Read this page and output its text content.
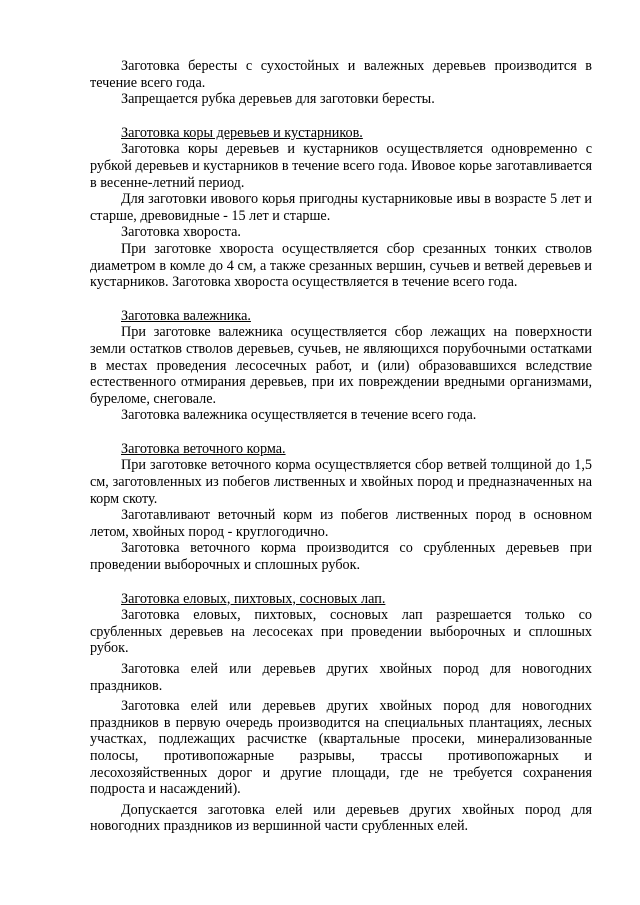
Заготовка бересты с сухостойных и валежных деревьев производится в течение всего года.

Запрещается рубка деревьев для заготовки бересты.

Заготовка коры деревьев и кустарников.

Заготовка коры деревьев и кустарников осуществляется одновременно с рубкой деревьев и кустарников в течение всего года. Ивовое корье заготавливается в весенне-летний период.

Для заготовки ивового корья пригодны кустарниковые ивы в возрасте 5 лет и старше, древовидные - 15 лет и старше.

Заготовка хвороста.

При заготовке хвороста осуществляется сбор срезанных тонких стволов диаметром в комле до 4 см, а также срезанных вершин, сучьев и ветвей деревьев и кустарников. Заготовка хвороста осуществляется в течение всего года.

Заготовка валежника.

При заготовке валежника осуществляется сбор лежащих на поверхности земли остатков стволов деревьев, сучьев, не являющихся порубочными остатками в местах проведения лесосечных работ, и (или) образовавшихся вследствие естественного отмирания деревьев, при их повреждении вредными организмами, буреломе, снеговале.

Заготовка валежника осуществляется в течение всего года.

Заготовка веточного корма.

При заготовке веточного корма осуществляется сбор ветвей толщиной до 1,5 см, заготовленных из побегов лиственных и хвойных пород и предназначенных на корм скоту.

Заготавливают веточный корм из побегов лиственных пород в основном летом, хвойных пород - круглогодично.

Заготовка веточного корма производится со срубленных деревьев при проведении выборочных и сплошных рубок.

Заготовка еловых, пихтовых, сосновых лап.

Заготовка еловых, пихтовых, сосновых лап разрешается только со срубленных деревьев на лесосеках при проведении выборочных и сплошных рубок.

Заготовка елей или деревьев других хвойных пород для новогодних праздников.

Заготовка елей или деревьев других хвойных пород для новогодних праздников в первую очередь производится на специальных плантациях, лесных участках, подлежащих расчистке (квартальные просеки, минерализованные полосы, противопожарные разрывы, трассы противопожарных и лесохозяйственных дорог и другие площади, где не требуется сохранения подроста и насаждений).

Допускается заготовка елей или деревьев других хвойных пород для новогодних праздников из вершинной части срубленных елей.
